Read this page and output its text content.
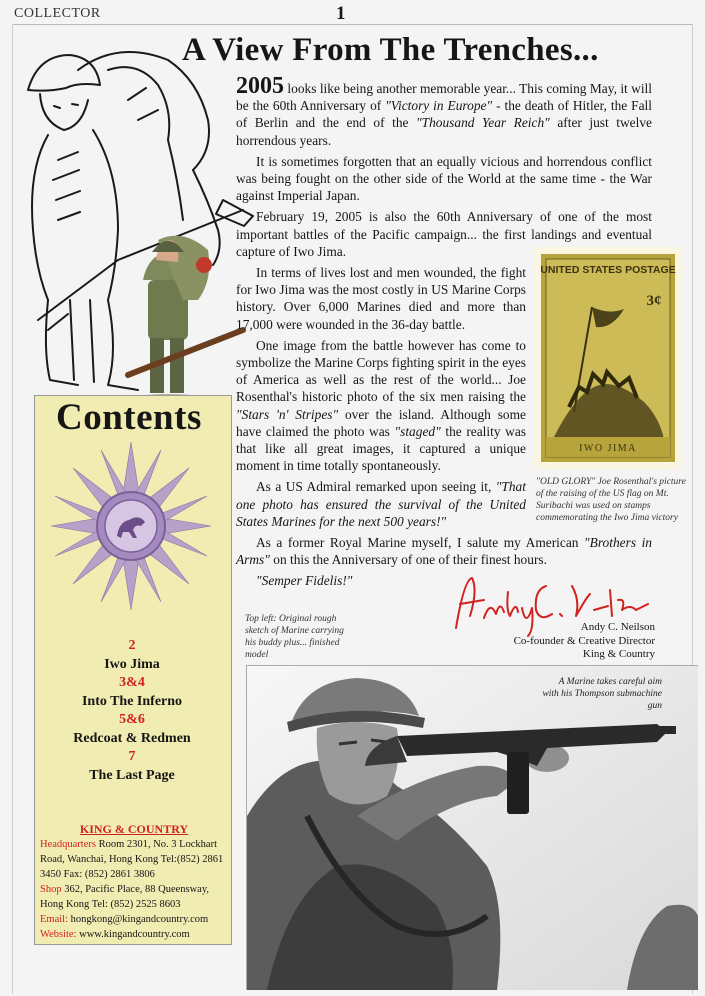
COLLECTOR	1
A View From The Trenches...

2005 looks like being another memorable year... This coming May, it will be the 60th Anniversary of "Victory in Europe" - the death of Hitler, the Fall of Berlin and the end of the "Thousand Year Reich" after just twelve horrendous years.

It is sometimes forgotten that an equally vicious and horrendous conflict was being fought on the other side of the World at the same time - the War against Imperial Japan.

February 19, 2005 is also the 60th Anniversary of one of the most important battles of the Pacific campaign... the first landings and eventual capture of Iwo Jima.

In terms of lives lost and men wounded, the fight for Iwo Jima was the most costly in US Marine Corps history. Over 6,000 Marines died and more than 17,000 were wounded in the 36-day battle.

One image from the battle however has come to symbolize the Marine Corps fighting spirit in the eyes of America as well as the rest of the world... Joe Rosenthal's historic photo of the six men raising the "Stars 'n' Stripes" over the island. Although some have claimed the photo was "staged" the reality was that like all great images, it captured a unique moment in time totally spontaneously.

As a US Admiral remarked upon seeing it, "That one photo has ensured the survival of the United States Marines for the next 500 years!"

As a former Royal Marine myself, I salute my American "Brothers in Arms" on this the Anniversary of one of their finest hours.

"Semper Fidelis!"

UNITED STATES POSTAGE
3¢
IWO JIMA
"OLD GLORY" Joe Rosenthal's picture of the raising of the US flag on Mt. Suribachi was used on stamps commemorating the Iwo Jima victory
Contents
2
Iwo Jima
3&4
Into The Inferno
5&6
Redcoat & Redmen
7
The Last Page
KING & COUNTRY
Headquarters Room 2301, No. 3 Lockhart Road, Wanchai, Hong Kong Tel:(852) 2861 3450 Fax: (852) 2861 3806
Shop 362, Pacific Place, 88 Queensway, Hong Kong Tel: (852) 2525 8603
Email: hongkong@kingandcountry.com
Website: www.kingandcountry.com
Top left: Original rough sketch of Marine carrying his buddy plus... finished model
Andy C. Neilson
Andy C. Neilson
Co-founder & Creative Director
King & Country
A Marine takes careful aim with his Thompson submachine gun
